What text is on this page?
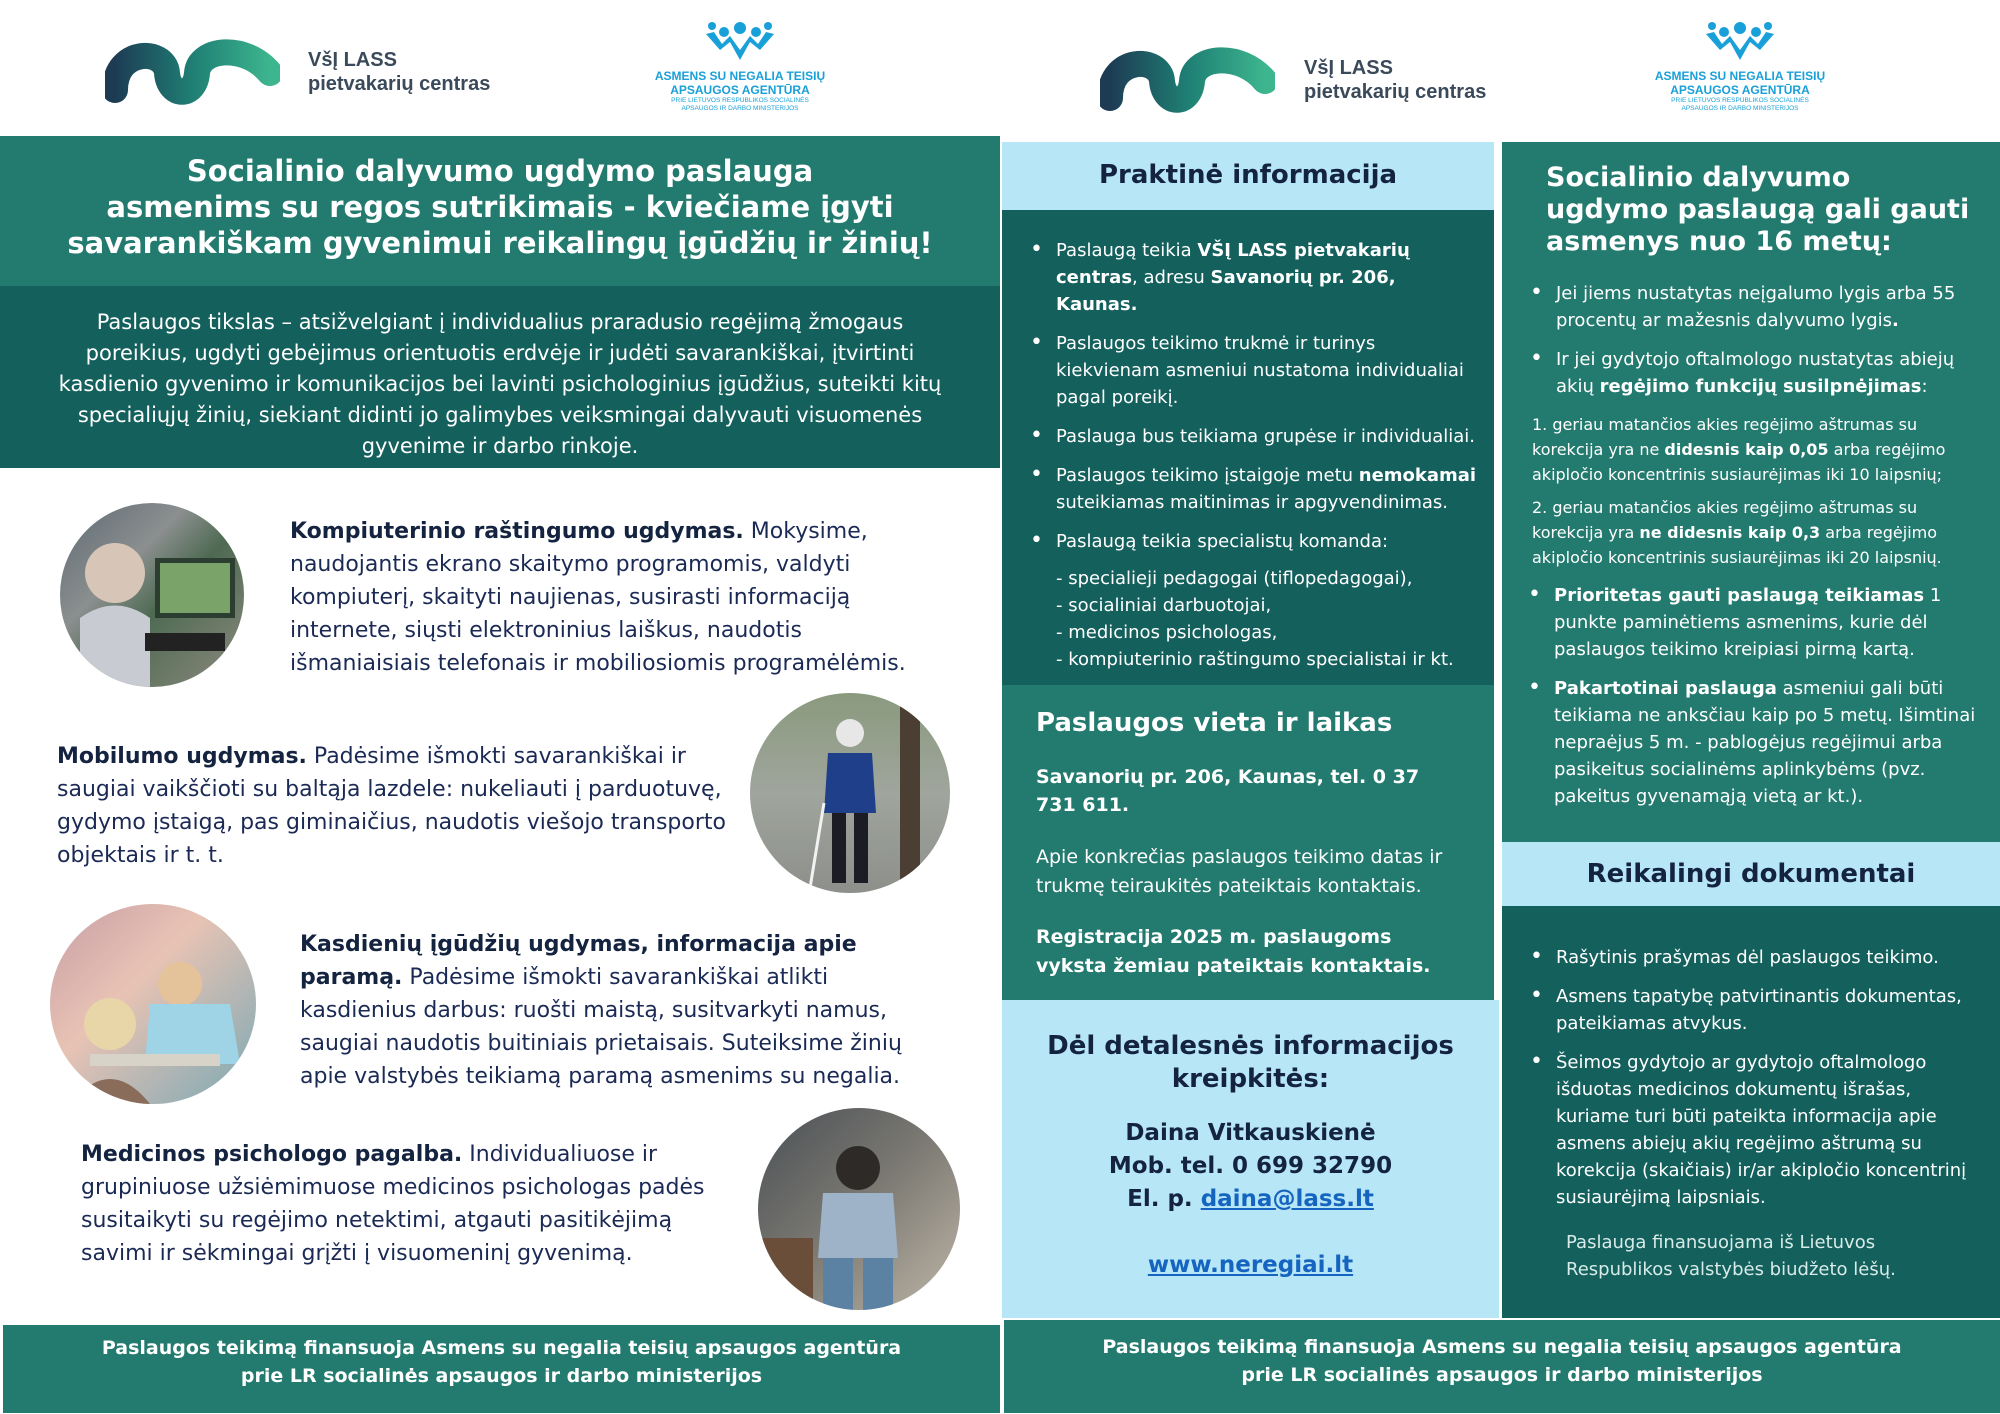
VšĮ LASS
pietvakarių centras	ASMENS SU NEGALIA TEISIŲ
APSAUGOS AGENTŪRA
PRIE LIETUVOS RESPUBLIKOS SOCIALINĖS
APSAUGOS IR DARBO MINISTERIJOS
Socialinio dalyvumo ugdymo paslauga
asmenims su regos sutrikimais - kviečiame įgyti
savarankiškam gyvenimui reikalingų įgūdžių ir žinių!
Paslaugos tikslas – atsižvelgiant į individualius praradusio regėjimą žmogaus poreikius, ugdyti gebėjimus orientuotis erdvėje ir judėti savarankiškai, įtvirtinti kasdienio gyvenimo ir komunikacijos bei lavinti psichologinius įgūdžius, suteikti kitų specialiųjų žinių, siekiant didinti jo galimybes veiksmingai dalyvauti visuomenės gyvenime ir darbo rinkoje.
Kompiuterinio raštingumo ugdymas. Mokysime, naudojantis ekrano skaitymo programomis, valdyti kompiuterį, skaityti naujienas, susirasti informaciją internete, siųsti elektroninius laiškus, naudotis išmaniaisiais telefonais ir mobiliosiomis programėlėmis.
Mobilumo ugdymas. Padėsime išmokti savarankiškai ir saugiai vaikščioti su baltąja lazdele: nukeliauti į parduotuvę, gydymo įstaigą, pas giminaičius, naudotis viešojo transporto objektais ir t. t.
Kasdienių įgūdžių ugdymas, informacija apie paramą. Padėsime išmokti savarankiškai atlikti kasdienius darbus: ruošti maistą, susitvarkyti namus, saugiai naudotis buitiniais prietaisais. Suteiksime žinių apie valstybės teikiamą paramą asmenims su negalia.
Medicinos psichologo pagalba. Individualiuose ir grupiniuose užsiėmimuose medicinos psichologas padės susitaikyti su regėjimo netektimi, atgauti pasitikėjimą savimi ir sėkmingai grįžti į visuomeninį gyvenimą.
Paslaugos teikimą finansuoja Asmens su negalia teisių apsaugos agentūra
prie LR socialinės apsaugos ir darbo ministerijos
VšĮ LASS
pietvakarių centras
ASMENS SU NEGALIA TEISIŲ
APSAUGOS AGENTŪRA
PRIE LIETUVOS RESPUBLIKOS SOCIALINĖS
APSAUGOS IR DARBO MINISTERIJOS
Praktinė informacija
• Paslaugą teikia VŠĮ LASS pietvakarių centras, adresu Savanorių pr. 206, Kaunas.
• Paslaugos teikimo trukmė ir turinys kiekvienam asmeniui nustatoma individualiai pagal poreikį.
• Paslauga bus teikiama grupėse ir individualiai.
• Paslaugos teikimo įstaigoje metu nemokamai suteikiamas maitinimas ir apgyvendinimas.
• Paslaugą teikia specialistų komanda:
- specialieji pedagogai (tiflopedagogai),
- socialiniai darbuotojai,
- medicinos psichologas,
- kompiuterinio raštingumo specialistai ir kt.
Paslaugos vieta ir laikas
Savanorių pr. 206, Kaunas, tel. 0 37 731 611.
Apie konkrečias paslaugos teikimo datas ir trukmę teiraukitės pateiktais kontaktais.
Registracija 2025 m. paslaugoms vyksta žemiau pateiktais kontaktais.
Dėl detalesnės informacijos
kreipkitės:
Daina Vitkauskienė
Mob. tel. 0 699 32790
El. p. daina@lass.lt
www.neregiai.lt
Socialinio dalyvumo ugdymo paslaugą gali gauti asmenys nuo 16 metų:
• Jei jiems nustatytas neįgalumo lygis arba 55 procentų ar mažesnis dalyvumo lygis.
• Ir jei gydytojo oftalmologo nustatytas abiejų akių regėjimo funkcijų susilpnėjimas:
1. geriau matančios akies regėjimo aštrumas su korekcija yra ne didesnis kaip 0,05 arba regėjimo akipločio koncentrinis susiaurėjimas iki 10 laipsnių;
2. geriau matančios akies regėjimo aštrumas su korekcija yra ne didesnis kaip 0,3 arba regėjimo akipločio koncentrinis susiaurėjimas iki 20 laipsnių.
• Prioritetas gauti paslaugą teikiamas 1 punkte paminėtiems asmenims, kurie dėl paslaugos teikimo kreipiasi pirmą kartą.
• Pakartotinai paslauga asmeniui gali būti teikiama ne anksčiau kaip po 5 metų. Išimtinai nepraėjus 5 m. - pablogėjus regėjimui arba pasikeitus socialinėms aplinkybėms (pvz. pakeitus gyvenamąją vietą ar kt.).
Reikalingi dokumentai
• Rašytinis prašymas dėl paslaugos teikimo.
• Asmens tapatybę patvirtinantis dokumentas, pateikiamas atvykus.
• Šeimos gydytojo ar gydytojo oftalmologo išduotas medicinos dokumentų išrašas, kuriame turi būti pateikta informacija apie asmens abiejų akių regėjimo aštrumą su korekcija (skaičiais) ir/ar akipločio koncentrinį susiaurėjimą laipsniais.
Paslauga finansuojama iš Lietuvos Respublikos valstybės biudžeto lėšų.
Paslaugos teikimą finansuoja Asmens su negalia teisių apsaugos agentūra
prie LR socialinės apsaugos ir darbo ministerijos
